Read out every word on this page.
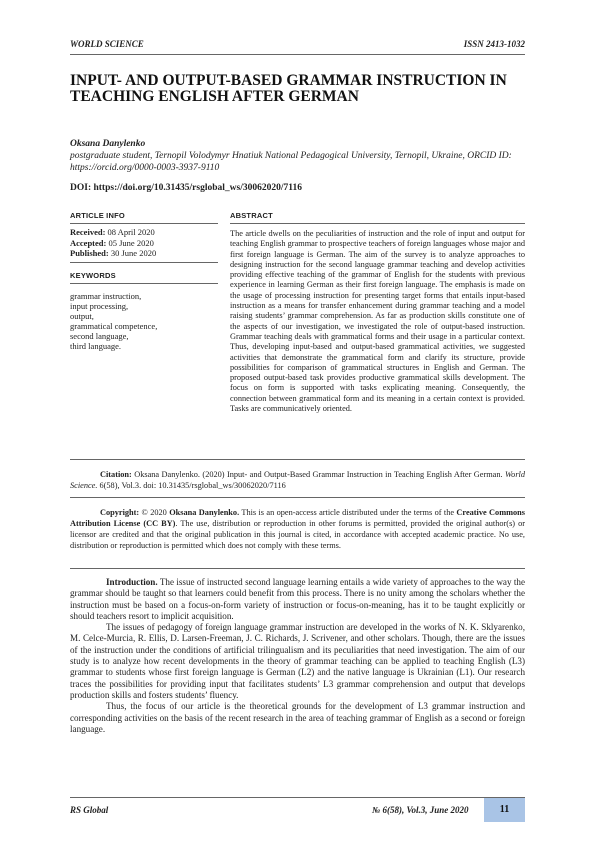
WORLD SCIENCE	ISSN 2413-1032
INPUT- AND OUTPUT-BASED GRAMMAR INSTRUCTION IN TEACHING ENGLISH AFTER GERMAN
Oksana Danylenko
postgraduate student, Ternopil Volodymyr Hnatiuk National Pedagogical University, Ternopil, Ukraine, ORCID ID: https://orcid.org/0000-0003-3937-9110
DOI: https://doi.org/10.31435/rsglobal_ws/30062020/7116
ARTICLE INFO
Received: 08 April 2020
Accepted: 05 June 2020
Published: 30 June 2020
KEYWORDS
grammar instruction,
input processing,
output,
grammatical competence,
second language,
third language.
ABSTRACT

The article dwells on the peculiarities of instruction and the role of input and output for teaching English grammar to prospective teachers of foreign languages whose major and first foreign language is German. The aim of the survey is to analyze approaches to designing instruction for the second language grammar teaching and develop activities providing effective teaching of the grammar of English for the students with previous experience in learning German as their first foreign language. The emphasis is made on the usage of processing instruction for presenting target forms that entails input-based instruction as a means for transfer enhancement during grammar teaching and a model raising students’ grammar comprehension. As far as production skills constitute one of the aspects of our investigation, we investigated the role of output-based instruction. Grammar teaching deals with grammatical forms and their usage in a particular context. Thus, developing input-based and output-based grammatical activities, we suggested activities that demonstrate the grammatical form and clarify its structure, provide possibilities for comparison of grammatical structures in English and German. The proposed output-based task provides productive grammatical skills development. The focus on form is supported with tasks explicating meaning. Consequently, the connection between grammatical form and its meaning in a certain context is provided. Tasks are communicatively oriented.

Citation: Oksana Danylenko. (2020) Input- and Output-Based Grammar Instruction in Teaching English After German. World Science. 6(58), Vol.3. doi: 10.31435/rsglobal_ws/30062020/7116

Copyright: © 2020 Oksana Danylenko. This is an open-access article distributed under the terms of the Creative Commons Attribution License (CC BY). The use, distribution or reproduction in other forums is permitted, provided the original author(s) or licensor are credited and that the original publication in this journal is cited, in accordance with accepted academic practice. No use, distribution or reproduction is permitted which does not comply with these terms.

Introduction. The issue of instructed second language learning entails a wide variety of approaches to the way the grammar should be taught so that learners could benefit from this process. There is no unity among the scholars whether the instruction must be based on a focus-on-form variety of instruction or focus-on-meaning, has it to be taught explicitly or should teachers resort to implicit acquisition.

The issues of pedagogy of foreign language grammar instruction are developed in the works of N. K. Sklyarenko, M. Celce-Murcia, R. Ellis, D. Larsen-Freeman, J. C. Richards, J. Scrivener, and other scholars. Though, there are the issues of the instruction under the conditions of artificial trilingualism and its peculiarities that need investigation. The aim of our study is to analyze how recent developments in the theory of grammar teaching can be applied to teaching English (L3) grammar to students whose first foreign language is German (L2) and the native language is Ukrainian (L1). Our research traces the possibilities for providing input that facilitates students’ L3 grammar comprehension and output that develops production skills and fosters students’ fluency.

Thus, the focus of our article is the theoretical grounds for the development of L3 grammar instruction and corresponding activities on the basis of the recent research in the area of teaching grammar of English as a second or foreign language.

RS Global	№ 6(58), Vol.3, June 2020	11
